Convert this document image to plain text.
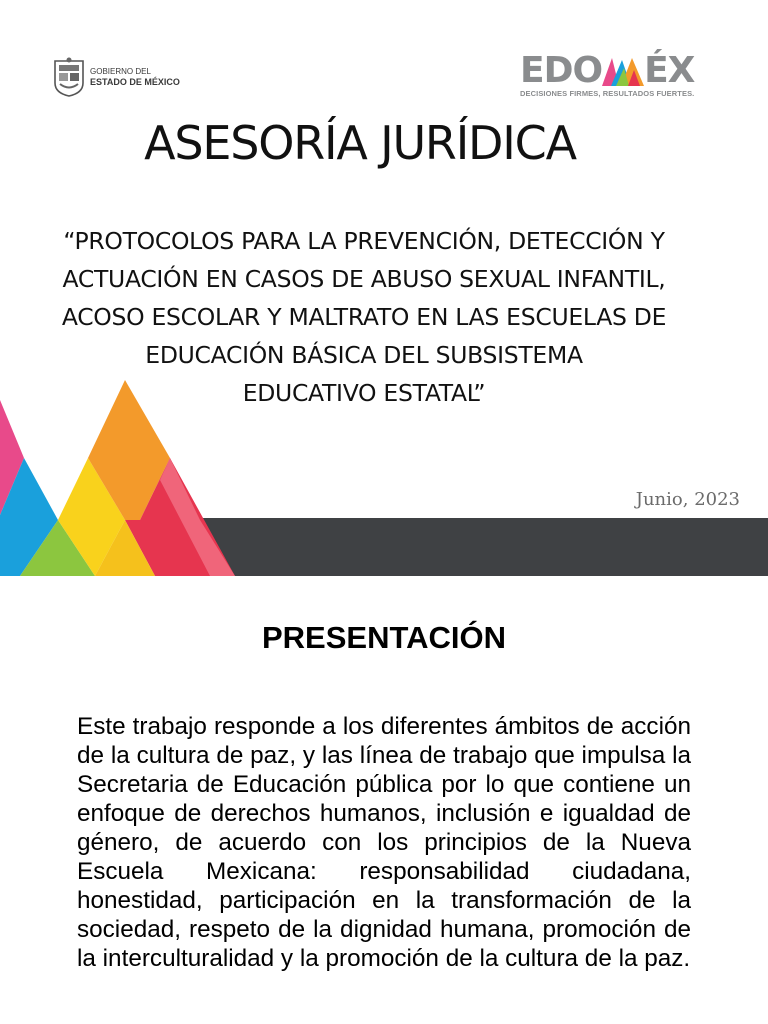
GOBIERNO DEL
ESTADO DE MÉXICO	EDO ÉX
DECISIONES FIRMES, RESULTADOS FUERTES.
ASESORÍA JURÍDICA
“PROTOCOLOS PARA LA PREVENCIÓN, DETECCIÓN Y
ACTUACIÓN EN CASOS DE ABUSO SEXUAL INFANTIL,
ACOSO ESCOLAR Y MALTRATO EN LAS ESCUELAS DE
EDUCACIÓN BÁSICA DEL SUBSISTEMA
EDUCATIVO ESTATAL”
Junio, 2023
PRESENTACIÓN
Este trabajo responde a los diferentes ámbitos de acción de la cultura de paz, y las línea de trabajo que impulsa la Secretaria de Educación pública por lo que contiene un enfoque de derechos humanos, inclusión e igualdad de género, de acuerdo con los principios de la Nueva Escuela Mexicana: responsabilidad ciudadana, honestidad, participación en la transformación de la sociedad, respeto de la dignidad humana, promoción de la interculturalidad y la promoción de la cultura de la paz.
